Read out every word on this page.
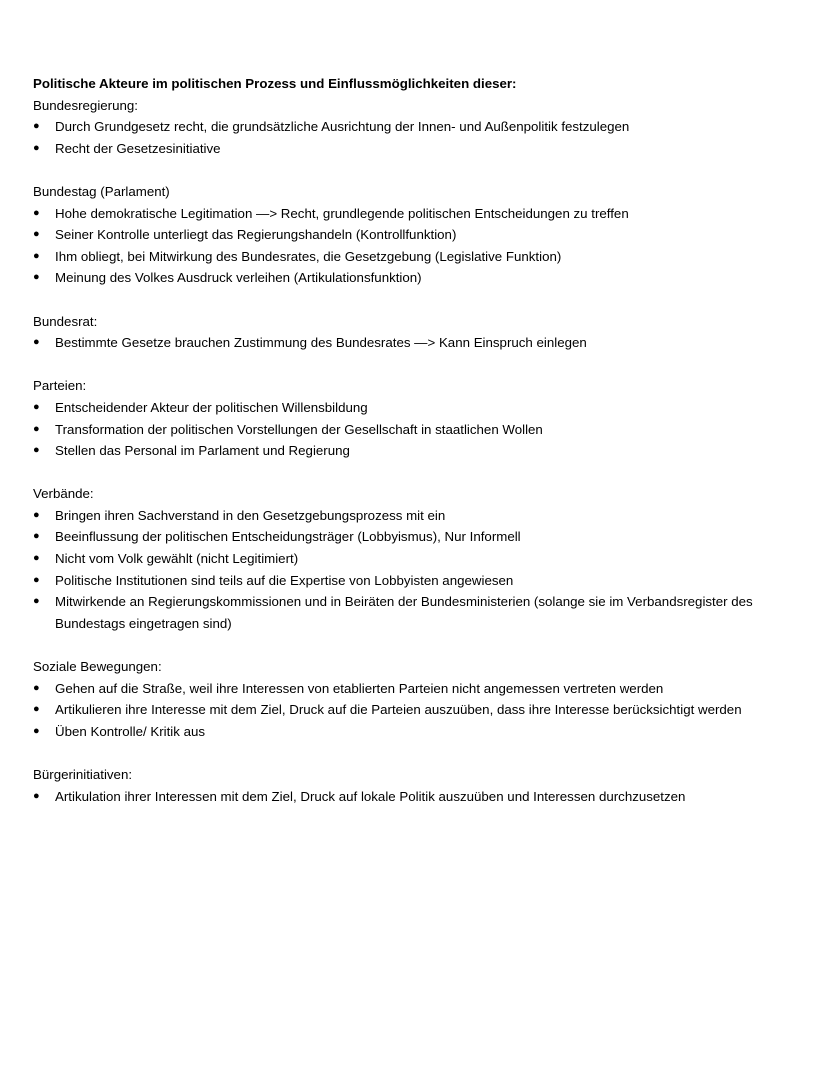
Politische Akteure im politischen Prozess und Einflussmöglichkeiten dieser:

Bundesregierung:

● Durch Grundgesetz recht, die grundsätzliche Ausrichtung der Innen- und Außenpolitik festzulegen
● Recht der Gesetzesinitiative

Bundestag (Parlament)

● Hohe demokratische Legitimation —> Recht, grundlegende politischen Entscheidungen zu treffen
● Seiner Kontrolle unterliegt das Regierungshandeln (Kontrollfunktion)
● Ihm obliegt, bei Mitwirkung des Bundesrates, die Gesetzgebung (Legislative Funktion)
● Meinung des Volkes Ausdruck verleihen (Artikulationsfunktion)

Bundesrat:

● Bestimmte Gesetze brauchen Zustimmung des Bundesrates —> Kann Einspruch einlegen

Parteien:

● Entscheidender Akteur der politischen Willensbildung
● Transformation der politischen Vorstellungen der Gesellschaft in staatlichen Wollen
● Stellen das Personal im Parlament und Regierung

Verbände:

● Bringen ihren Sachverstand in den Gesetzgebungsprozess mit ein
● Beeinflussung der politischen Entscheidungsträger (Lobbyismus), Nur Informell
● Nicht vom Volk gewählt (nicht Legitimiert)
● Politische Institutionen sind teils auf die Expertise von Lobbyisten angewiesen
● Mitwirkende an Regierungskommissionen und in Beiräten der Bundesministerien (solange sie im Verbandsregister des Bundestags eingetragen sind)

Soziale Bewegungen:

● Gehen auf die Straße, weil ihre Interessen von etablierten Parteien nicht angemessen vertreten werden
● Artikulieren ihre Interesse mit dem Ziel, Druck auf die Parteien auszuüben, dass ihre Interesse berücksichtigt werden
● Üben Kontrolle/ Kritik aus

Bürgerinitiativen:

● Artikulation ihrer Interessen mit dem Ziel, Druck auf lokale Politik auszuüben und Interessen durchzusetzen
